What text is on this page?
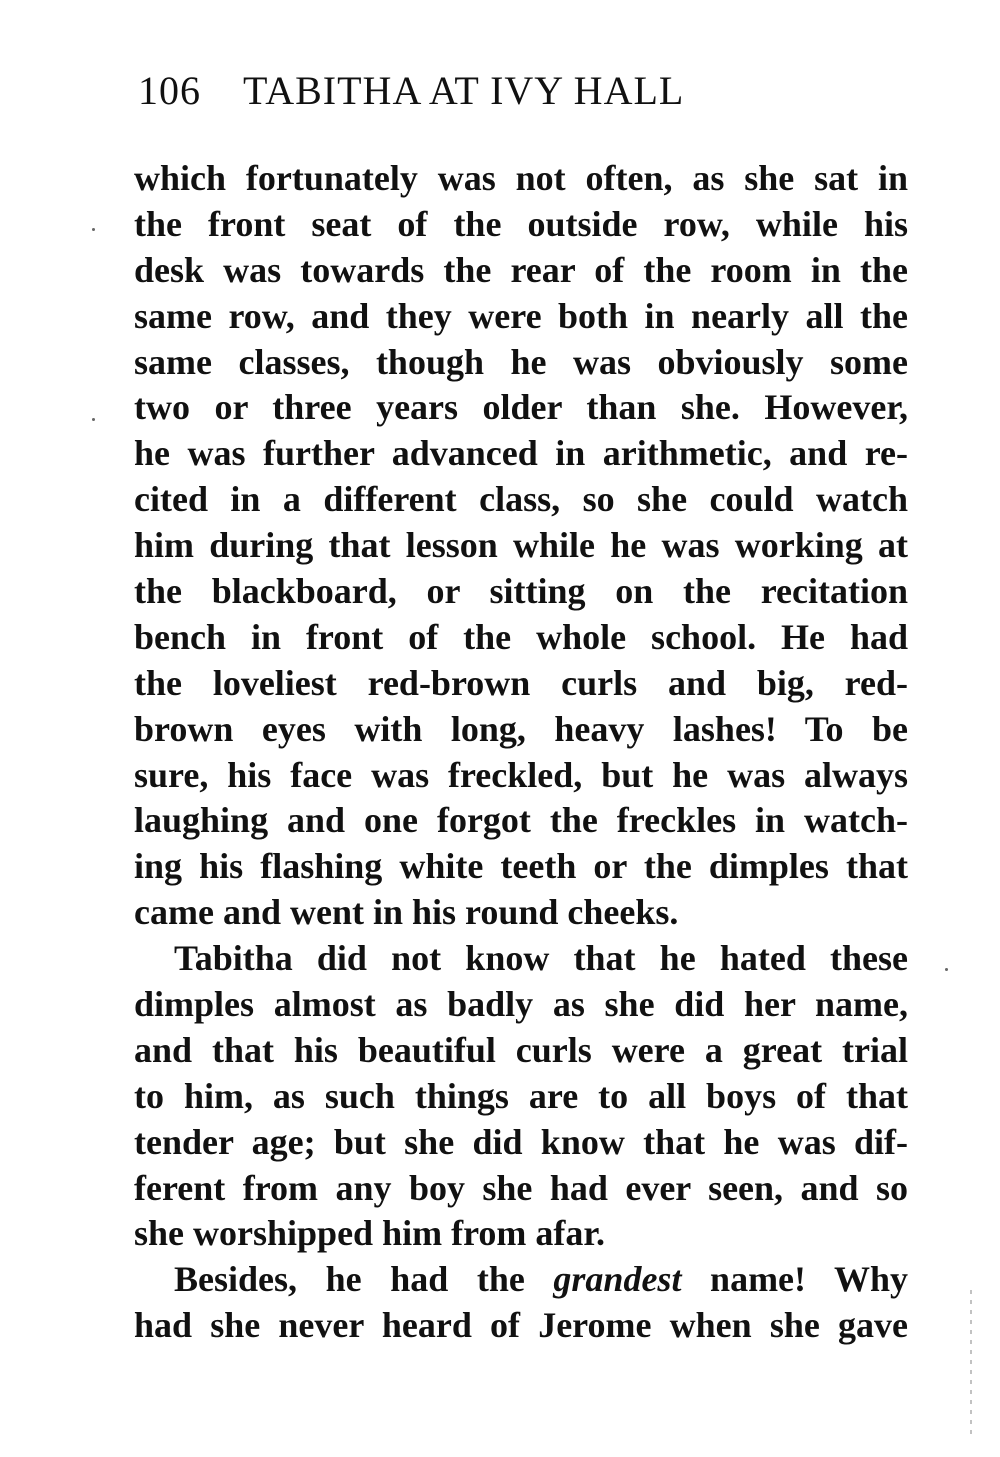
106 TABITHA AT IVY HALL
which fortunately was not often, as she sat in
the front seat of the outside row, while his
desk was towards the rear of the room in the
same row, and they were both in nearly all the
same classes, though he was obviously some
two or three years older than she. However,
he was further advanced in arithmetic, and re-
cited in a different class, so she could watch
him during that lesson while he was working at
the blackboard, or sitting on the recitation
bench in front of the whole school. He had
the loveliest red-brown curls and big, red-
brown eyes with long, heavy lashes! To be
sure, his face was freckled, but he was always
laughing and one forgot the freckles in watch-
ing his flashing white teeth or the dimples that
came and went in his round cheeks.
Tabitha did not know that he hated these
dimples almost as badly as she did her name,
and that his beautiful curls were a great trial
to him, as such things are to all boys of that
tender age; but she did know that he was dif-
ferent from any boy she had ever seen, and so
she worshipped him from afar.
Besides, he had the grandest name! Why
had she never heard of Jerome when she gave
